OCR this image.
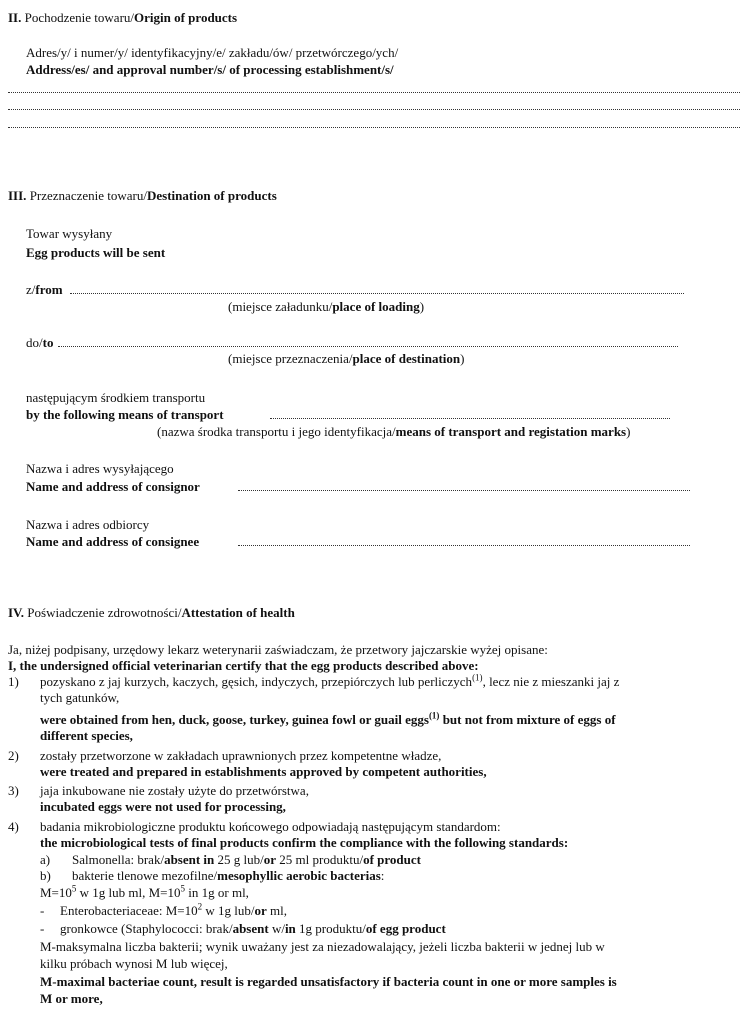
II. Pochodzenie towaru/Origin of products
Adres/y/ i numer/y/ identyfikacyjny/e/ zakładu/ów/ przetwórczego/ych/
Address/es/ and approval number/s/ of processing establishment/s/
III. Przeznaczenie towaru/Destination of products
Towar wysyłany
Egg products will be sent
z/from
(miejsce załadunku/place of loading)
do/to
(miejsce przeznaczenia/place of destination)
następującym środkiem transportu
by the following means of transport
(nazwa środka transportu i jego identyfikacja/means of transport and registation marks)
Nazwa i adres wysyłającego
Name and address of consignor
Nazwa i adres odbiorcy
Name and address of consignee
IV. Poświadczenie zdrowotności/Attestation of health
Ja, niżej podpisany, urzędowy lekarz weterynarii zaświadczam, że przetwory jajczarskie wyżej opisane:
I, the undersigned official veterinarian certify that the egg products described above:
1) pozyskano z jaj kurzych, kaczych, gęsich, indyczych, przepiórczych lub perliczych$^{(1)}$, lecz nie z mieszanki jaj z
tych gatunków,
were obtained from hen, duck, goose, turkey, guinea fowl or guail eggs$^{(1)}$ but not from mixture of eggs of
different species,
2) zostały przetworzone w zakładach uprawnionych przez kompetentne władze,
were treated and prepared in establishments approved by competent authorities,
3) jaja inkubowane nie zostały użyte do przetwórstwa,
incubated eggs were not used for processing,
4) badania mikrobiologiczne produktu końcowego odpowiadają następującym standardom:
the microbiological tests of final products confirm the compliance with the following standards:
a) Salmonella: brak/absent in 25 g lub/or 25 ml produktu/of product
b) bakterie tlenowe mezofilne/mesophyllic aerobic bacterias:
$M=10^5$ w 1g lub ml, $M=10^5$ in 1g or ml,
- Enterobacteriaceae: $M=10^2$ w 1g lub/or ml,
- gronkowce (Staphylococci: brak/absent w/in 1g produktu/of egg product
M-maksymalna liczba bakterii; wynik uważany jest za niezadowalający, jeżeli liczba bakterii w jednej lub w
kilku próbach wynosi M lub więcej,
M-maximal bacteriae count, result is regarded unsatisfactory if bacteria count in one or more samples is
M or more,
